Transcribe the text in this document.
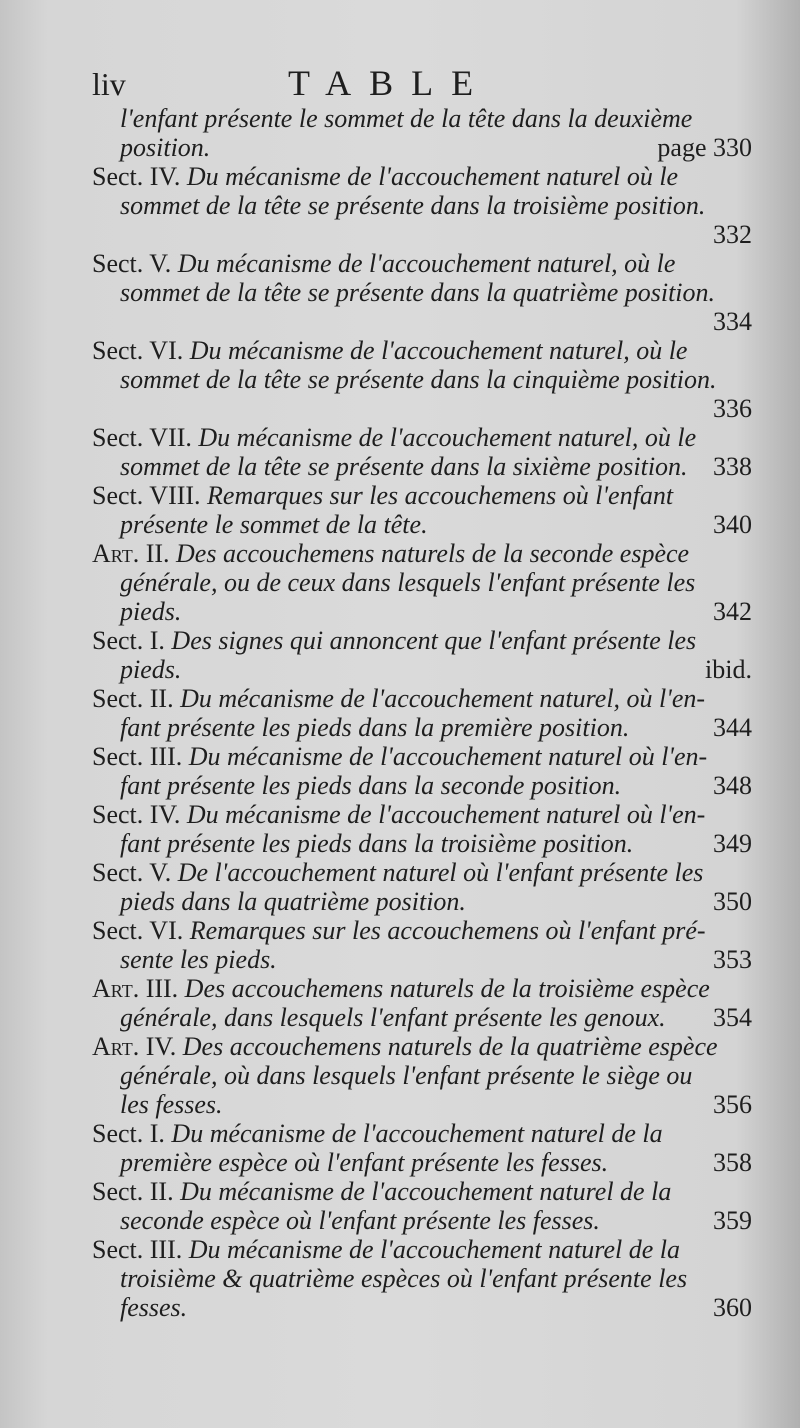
liv	TABLE
l'enfant présente le sommet de la tête dans la deuxième
position.	page 330
Sect. IV. Du mécanisme de l'accouchement naturel où le
sommet de la tête se présente dans la troisième position.
332
Sect. V. Du mécanisme de l'accouchement naturel, où le
sommet de la tête se présente dans la quatrième position.
334
Sect. VI. Du mécanisme de l'accouchement naturel, où le
sommet de la tête se présente dans la cinquième position.
336
Sect. VII. Du mécanisme de l'accouchement naturel, où le
sommet de la tête se présente dans la sixième position. 338
Sect. VIII. Remarques sur les accouchemens où l'enfant
présente le sommet de la tête.	340
Art. II. Des accouchemens naturels de la seconde espèce
générale, ou de ceux dans lesquels l'enfant présente les
pieds.	342
Sect. I. Des signes qui annoncent que l'enfant présente les
pieds.	ibid.
Sect. II. Du mécanisme de l'accouchement naturel, où l'en-
fant présente les pieds dans la première position.	344
Sect. III. Du mécanisme de l'accouchement naturel où l'en-
fant présente les pieds dans la seconde position.	348
Sect. IV. Du mécanisme de l'accouchement naturel où l'en-
fant présente les pieds dans la troisième position.	349
Sect. V. De l'accouchement naturel où l'enfant présente les
pieds dans la quatrième position.	350
Sect. VI. Remarques sur les accouchemens où l'enfant pré-
sente les pieds.	353
Art. III. Des accouchemens naturels de la troisième espèce
générale, dans lesquels l'enfant présente les genoux. 354
Art. IV. Des accouchemens naturels de la quatrième espèce
générale, où dans lesquels l'enfant présente le siège ou
les fesses.	356
Sect. I. Du mécanisme de l'accouchement naturel de la
première espèce où l'enfant présente les fesses.	358
Sect. II. Du mécanisme de l'accouchement naturel de la
seconde espèce où l'enfant présente les fesses.	359
Sect. III. Du mécanisme de l'accouchement naturel de la
troisième & quatrième espèces où l'enfant présente les
fesses.	360
